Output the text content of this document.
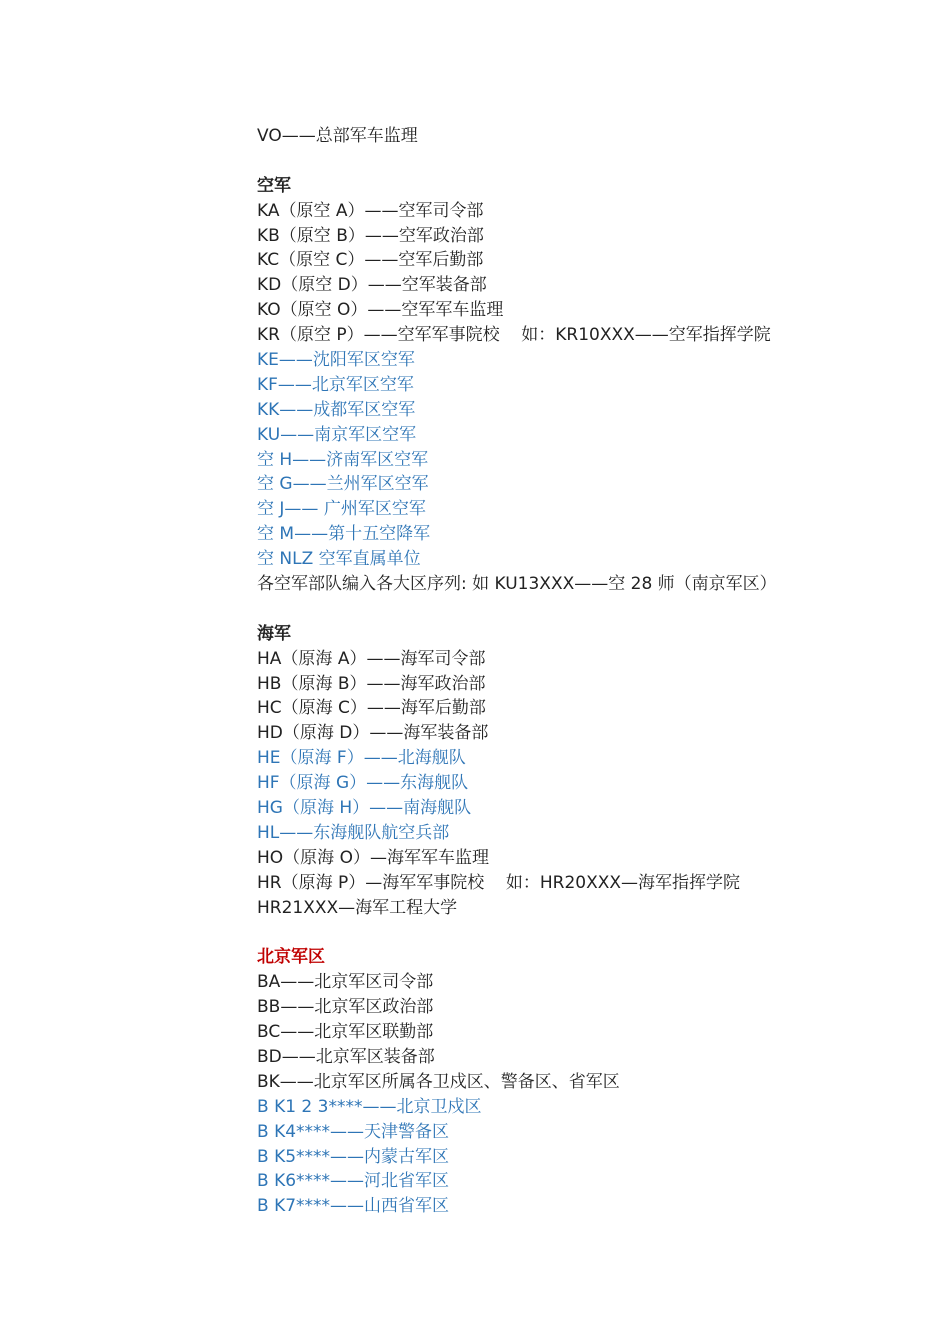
VO——总部军车监理
空军
KA（原空 A）——空军司令部
KB（原空 B）——空军政治部
KC（原空 C）——空军后勤部
KD（原空 D）——空军装备部
KO（原空 O）——空军军车监理
KR（原空 P）——空军军事院校    如：KR10XXX——空军指挥学院
KE——沈阳军区空军
KF——北京军区空军
KK——成都军区空军
KU——南京军区空军
空 H——济南军区空军
空 G——兰州军区空军
空 J—— 广州军区空军
空 M——第十五空降军
空 NLZ 空军直属单位
各空军部队编入各大区序列: 如 KU13XXX——空 28 师（南京军区）
海军
HA（原海 A）——海军司令部
HB（原海 B）——海军政治部
HC（原海 C）——海军后勤部
HD（原海 D）——海军装备部
HE（原海 F）——北海舰队
HF（原海 G）——东海舰队
HG（原海 H）——南海舰队
HL——东海舰队航空兵部
HO（原海 O）—海军军车监理
HR（原海 P）—海军军事院校    如：HR20XXX—海军指挥学院
HR21XXX—海军工程大学
北京军区
BA——北京军区司令部
BB——北京军区政治部
BC——北京军区联勤部
BD——北京军区装备部
BK——北京军区所属各卫戍区、警备区、省军区
B K1 2 3****——北京卫戍区
B K4****——天津警备区
B K5****——内蒙古军区
B K6****——河北省军区
B K7****——山西省军区
